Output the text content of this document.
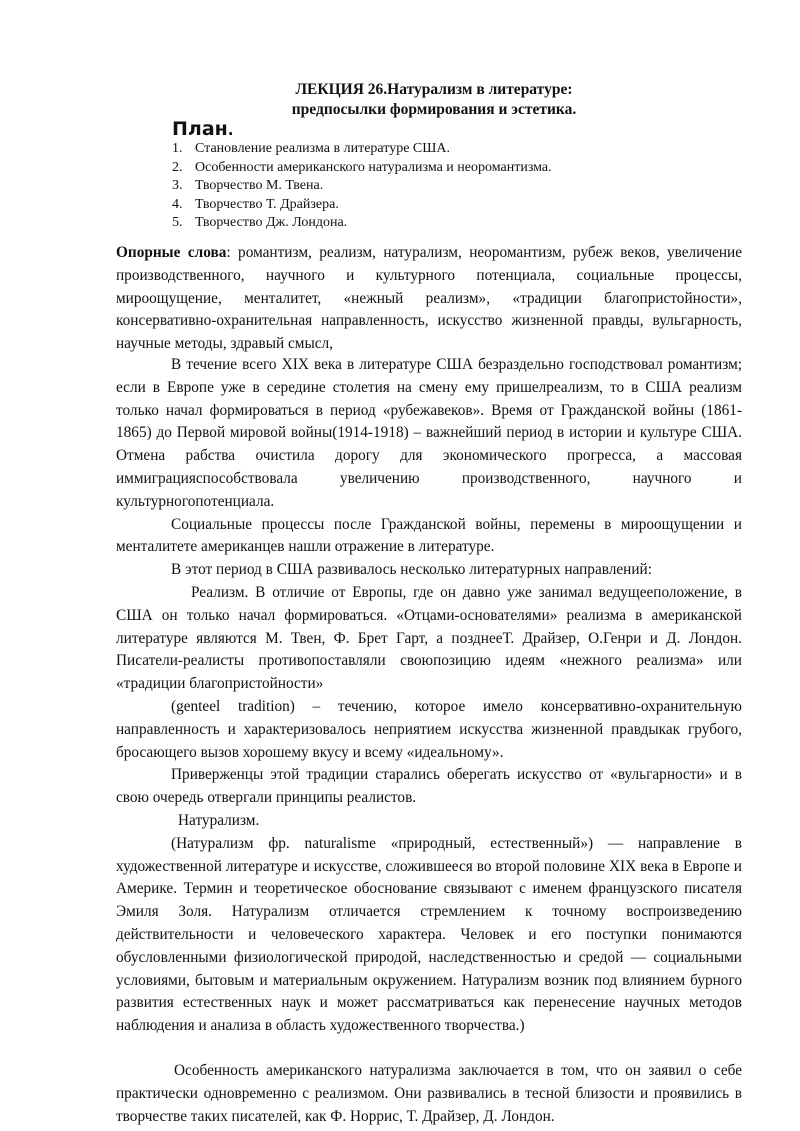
ЛЕКЦИЯ 26.Натурализм в литературе:
предпосылки формирования и эстетика.
План.
1. Становление реализма в литературе США.
2. Особенности американского натурализма и неоромантизма.
3. Творчество М. Твена.
4. Творчество Т. Драйзера.
5. Творчество Дж. Лондона.

Опорные слова: романтизм, реализм, натурализм, неоромантизм, рубеж веков, увеличение производственного, научного и культурного потенциала, социальные процессы, мироощущение, менталитет, «нежный реализм», «традиции благопристойности», консервативно-охранительная направленность, искусство жизненной правды, вульгарность, научные методы, здравый смысл,

В течение всего XIX века в литературе США безраздельно господствовал романтизм; если в Европе уже в середине столетия на смену ему пришелреализм, то в США реализм только начал формироваться в период «рубежавеков». Время от Гражданской войны (1861-1865) до Первой мировой войны(1914-1918) – важнейший период в истории и культуре США. Отмена рабства очистила дорогу для экономического прогресса, а массовая иммиграцияспособствовала увеличению производственного, научного и культурногопотенциала.

Социальные процессы после Гражданской войны, перемены в мироощущении и менталитете американцев нашли отражение в литературе.

В этот период в США развивалось несколько литературных направлений:

Реализм. В отличие от Европы, где он давно уже занимал ведущееположение, в США он только начал формироваться. «Отцами-основателями» реализма в американской литературе являются М. Твен, Ф. Брет Гарт, а позднееТ. Драйзер, О.Генри и Д. Лондон. Писатели-реалисты противопоставляли своюпозицию идеям «нежного реализма» или «традиции благопристойности»

(genteel tradition) – течению, которое имело консервативно-охранительную направленность и характеризовалось неприятием искусства жизненной правдыкак грубого, бросающего вызов хорошему вкусу и всему «идеальному».

Приверженцы этой традиции старались оберегать искусство от «вульгарности» и в свою очередь отвергали принципы реалистов.

Натурализм.

(Натурализм фр. naturalisme «природный, естественный») — направление в художественной литературе и искусстве, сложившееся во второй половине XIX века в Европе и Америке. Термин и теоретическое обоснование связывают с именем французского писателя Эмиля Золя. Натурализм отличается стремлением к точному воспроизведению действительности и человеческого характера. Человек и его поступки понимаются обусловленными физиологической природой, наследственностью и средой — социальными условиями, бытовым и материальным окружением. Натурализм возник под влиянием бурного развития естественных наук и может рассматриваться как перенесение научных методов наблюдения и анализа в область художественного творчества.)

Особенность американского натурализма заключается в том, что он заявил о себе практически одновременно с реализмом. Они развивались в тесной близости и проявились в творчестве таких писателей, как Ф. Норрис, Т. Драйзер, Д. Лондон.
